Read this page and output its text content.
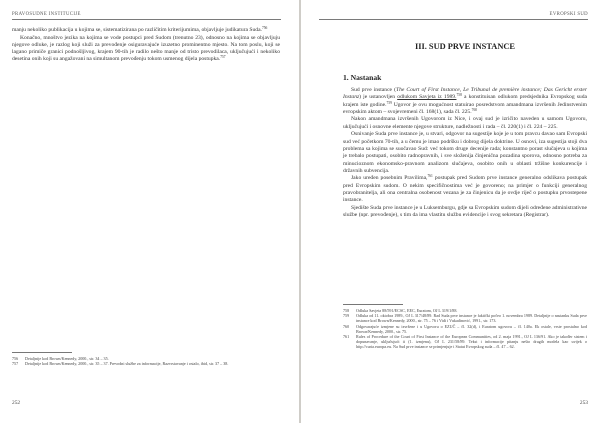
PRAVOSUDNE INSTITUCIJE

manju nekoliko publikacija u kojima se, sistematizirana po različitim kriterijumima, objavljuje judikatura Suda.$^{756}$

Konačno, mnoštvo jezika na kojima se vode postupci pred Sudom (trenutno 23), odnosno na kojima se objavljuju njegove odluke, je razlog koji služi za prevođenje osiguravajuće izuzetno prominentno mjesto. Na tom poslu, koji se lagano primiče granici podnošljivog, krajem 90-tih je radilo nešto manje od tristo prevodilaca, uključujući i nekoliko desetina onih koji su angažovani na simultanom prevođenju tokom usmenog dijela postupka.$^{757}$

756	Detaljnije kod Brown/Kennedy, 2000., str. 34 – 35.
757	Detaljnije kod Brown/Kennedy, 2000., str. 35 – 37. Prevodni službe za informacije, Razvrstavanje i ostalo, ibid, str. 37 – 38.
252
EVROPSKI SUD
III. SUD PRVE INSTANCE
1. Nastanak

Sud prve instance (The Court of First Instance, Le Tribunal de première instance; Das Gericht erster Instanz) je ustanovljen odlukom Savjeta iz 1989.$^{758}$ a konstituisan odlukom predsjednika Evropskog suda krajem iste godine.$^{759}$ Ugovor je ovu mogućnost statuirao posredstvom amandmana izvršenih Jedinstvenim evropskim aktom – svojevremeni čl. 168(1), sada čl. 225.$^{760}$

Nakon amandmana izvršenih Ugovorom iz Nice, i ovaj sud je izričito naveden u samom Ugovoru, uključujući i osnovne elemente njegove strukture, nadležnosti i rada – čl. 220(1) i čl. 224 – 225.

Osnivanje Suda prve instance je, u stvari, odgovor na sugestije koje je u tom pravcu davao sam Evropski sud već početkom 70-tih, a u čemu je imao podršku i dobrog dijela doktrine. U osnovi, iza sugestija stoji dva problema sa kojima se suočavao Sud: već tokom druge decenije rada; konstantno porast slučajeva u kojima je trebalo postupati, osobito radnopravnih, i sve složenija činjenična pozadina sporova, odnosno potreba za minucioznom ekonomsko-pravnom analizom slučajeva, osobito onih u oblasti tržišne konkurencije i državnih subvencija.

Jako uređen posebnim Pravilima,$^{761}$ postupak pred Sudom prve instance generalno odslikava postupak pred Evropskim sudom. O nekim specifičnostima već je govoreno; na primjer o funkciji generalnog pravobranitelja, ali ona centralna osobenost vezana je za činjenicu da je ovdje riječ o postupku prvostepene instance.

Sjedište Suda prve instance je u Luksemburgu, gdje sa Evropskim sudom dijeli određene administrativne službe (npr. prevođenje), s tim da ima vlastitu službu evidencije i svog sekretara (Registrar).

758	Odluka Savjeta 88/591/ECSC, EEC, Euratom, OJ L 319/1/88.
759	Odluka od 11. oktobra 1989., OJ L 317/48/89. Rad Suda prve instance je faktički počeo 1. novembra 1989. Detaljnije o nastanku Suda prve instance kod Brown/Kennedy, 2000., str. 75 – 76 i Vidi i Vukadinović, 1991., str. 173.
760	Odgovarajuće izmjene su izvršene i u Ugovoru o EZUČ – čl. 32(d), i Euratom ugovoru – čl. 140a. Ek ostale, vrste prostalno kod Brown/Kennedy, 2000., str. 75.
761	Rules of Procedure of the Court of First Instance of the European Communities, od 2. maja 1991., OJ L 136/91. Ako je također sistem i dopunavanje, uključujući ii (1. izmjenu), OJ L 231/58/89. Tekst i informacije pitanju nešto drugih modela kao uvijek o http://curia.europa.eu. Na Sud prve instance se primjenjuje i Statut Evropskog suda – čl. 47 – 62.
253
